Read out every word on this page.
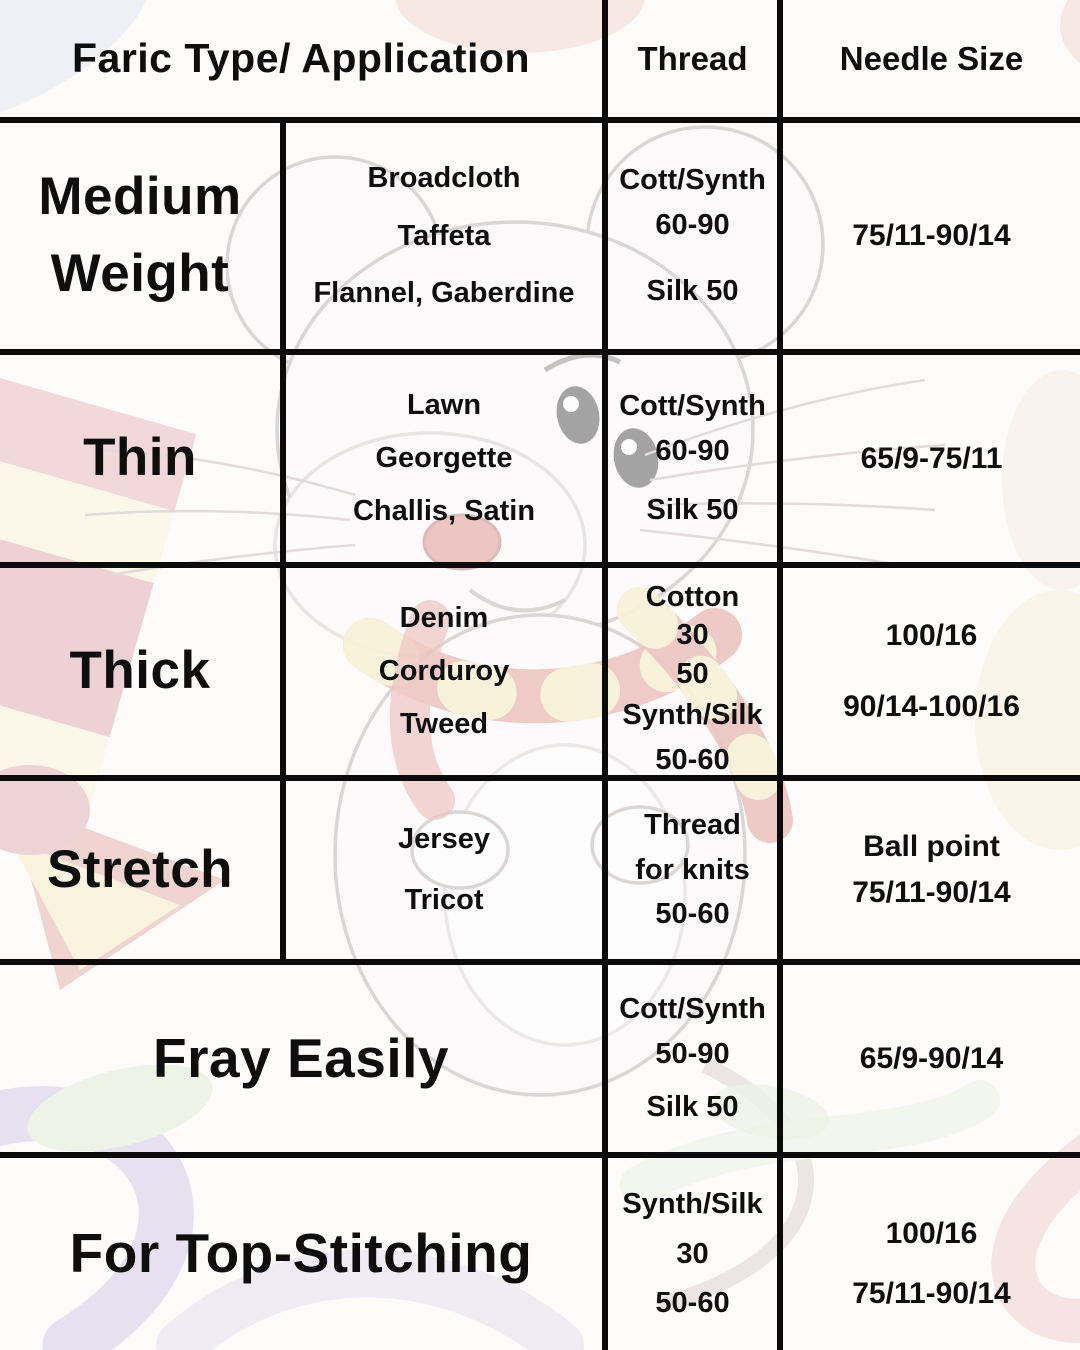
Faric Type/ Application	Thread	Needle Size
Medium Weight
Broadcloth
Taffeta
Flannel, Gaberdine
Cott/Synth
60-90
Silk 50
75/11-90/14
Thin
Lawn
Georgette
Challis, Satin
Cott/Synth
60-90
Silk 50
65/9-75/11
Thick
Denim
Corduroy
Tweed
Cotton
30
50
Synth/Silk
50-60
100/16
90/14-100/16
Stretch
Jersey
Tricot
Thread
for knits
50-60
Ball point
75/11-90/14
Fray Easily
Cott/Synth
50-90
Silk 50
65/9-90/14
For Top-Stitching
Synth/Silk
30
50-60
100/16
75/11-90/14
